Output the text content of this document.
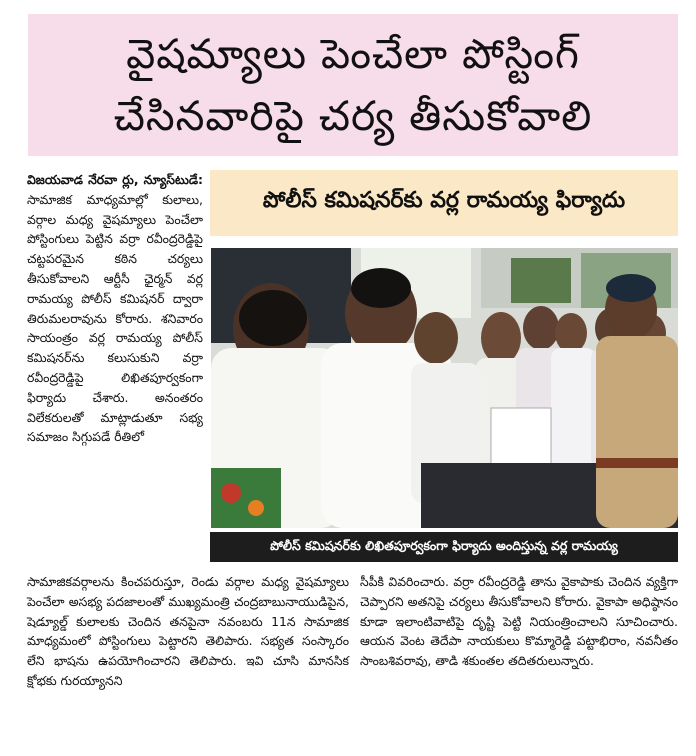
వైషమ్యాలు పెంచేలా పోస్టింగ్
చేసినవారిపై చర్య తీసుకోవాలి
విజయవాడ నేరవా ర్లు, న్యూస్‌టుడే: సామాజిక మాధ్యమాల్లో కులాలు, వర్గాల మధ్య వైషమ్యాలు పెంచేలా పోస్టింగులు పెట్టిన వర్రా రవీంద్రరెడ్డిపై చట్టపరమైన కఠిన చర్యలు తీసుకోవాలని ఆర్టీసీ ఛైర్మన్ వర్ల రామయ్య పోలీస్ కమిషనర్ ద్వారా తిరుమలరావును కోరారు. శనివారం సాయంత్రం వర్ల రామయ్య పోలీస్ కమిషనర్‌ను కలుసుకుని వర్రా రవీంద్రరెడ్డిపై లిఖితపూర్వకంగా ఫిర్యాదు చేశారు. అనంతరం విలేకరులతో మాట్లాడుతూ సభ్య సమాజం సిగ్గుపడే రీతిలో
పోలీస్ కమిషనర్‌కు వర్ల రామయ్య ఫిర్యాదు
పోలీస్ కమిషనర్‌కు లిఖితపూర్వకంగా ఫిర్యాదు అందిస్తున్న వర్ల రామయ్య
సామాజికవర్గాలను కించపరుస్తూ, రెండు వర్గాల మధ్య వైషమ్యాలు పెంచేలా అసభ్య పదజాలంతో ముఖ్యమంత్రి చంద్రబాబునాయుడిపైన, షెడ్యూల్డ్ కులాలకు చెందిన తనపైనా నవంబరు 11న సామాజిక మాధ్యమంలో పోస్టింగులు పెట్టారని తెలిపారు. సభ్యత సంస్కారం లేని భాషను ఉపయోగించారని తెలిపారు. ఇవి చూసి మానసిక క్షోభకు గురయ్యానని
సీపీకి వివరించారు. వర్రా రవీంద్రరెడ్డి తాను వైకాపాకు చెందిన వ్యక్తిగా చెప్పారని అతనిపై చర్యలు తీసుకోవాలని కోరారు. వైకాపా అధిష్ఠానం కూడా ఇలాంటివాటిపై దృష్టి పెట్టి నియంత్రించాలని సూచించారు. ఆయన వెంట తెదేపా నాయకులు కొమ్మారెడ్డి పట్టాభిరాం, నవనీతం సాంబశివరావు, తాడి శకుంతల తదితరులున్నారు.
